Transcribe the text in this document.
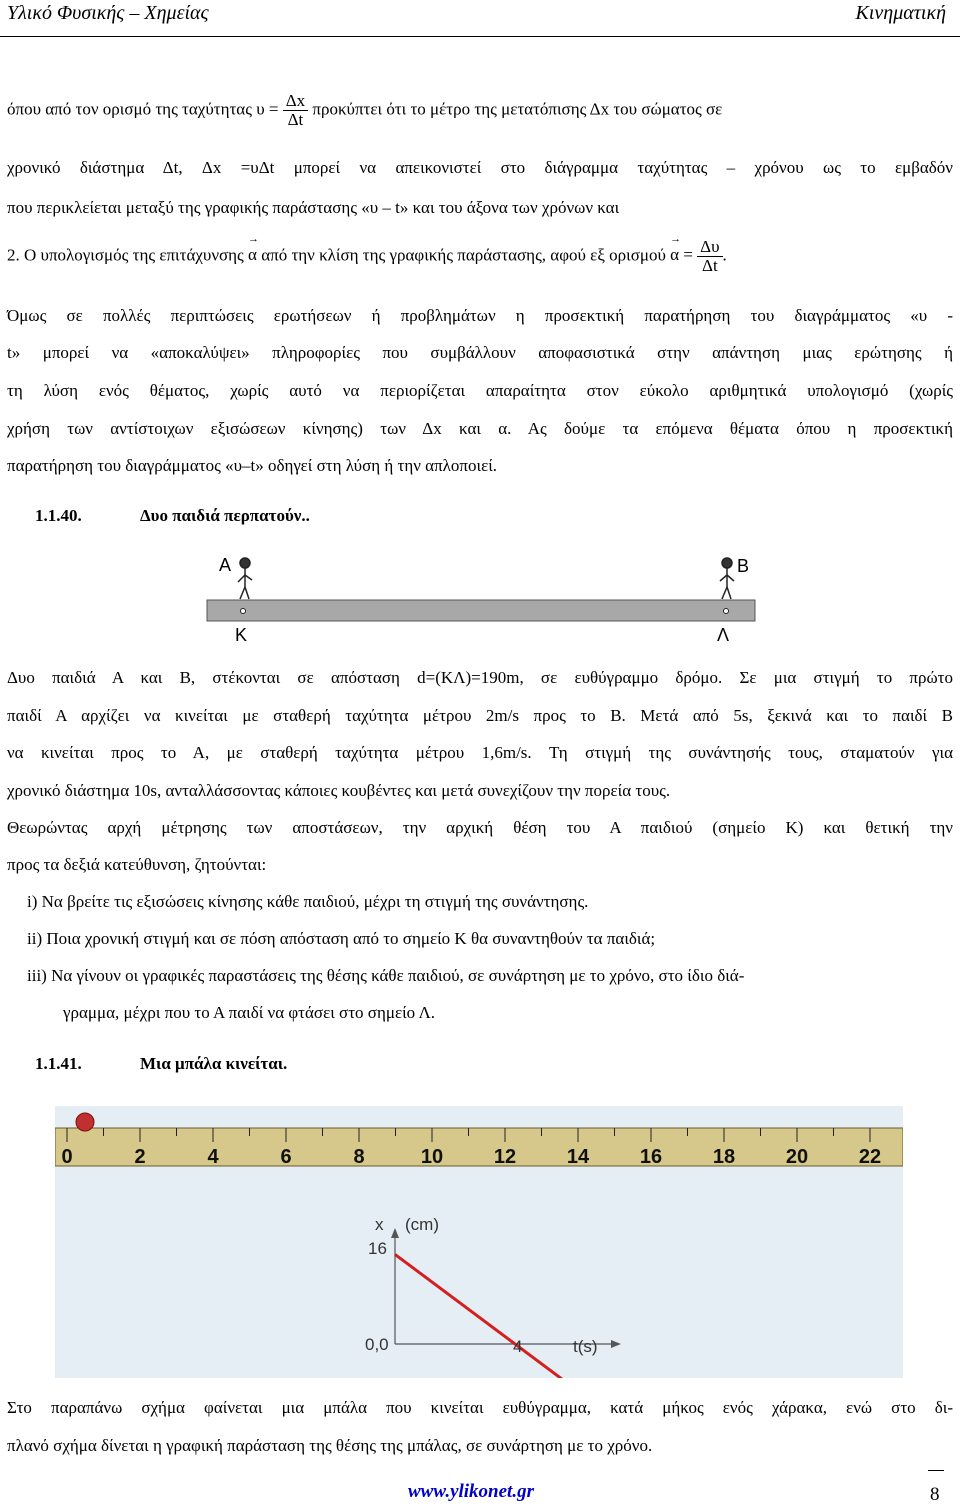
Υλικό Φυσικής – Χημείας	Κινηματική
όπου από τον ορισμό της ταχύτητας $\upsilon = \frac{\Delta x}{\Delta t}$ προκύπτει ότι το μέτρο της μετατόπισης Δx του σώματος σε
χρονικό διάστημα Δt, Δx =υΔt μπορεί να απεικονιστεί στο διάγραμμα ταχύτητας – χρόνου ως το εμβαδόν
που περικλείεται μεταξύ της γραφικής παράστασης «υ – t» και του άξονα των χρόνων και
2. Ο υπολογισμός της επιτάχυνσης → α από την κλίση της γραφικής παράστασης, αφού εξ $o\rho\iota\sigma\mu oύ \to \alpha = \frac{\Delta\upsilon}{\Delta t}$ .
Όμως σε πολλές περιπτώσεις ερωτήσεων ή προβλημάτων η προσεκτική παρατήρηση του διαγράμματος «υ -
t» μπορεί να «αποκαλύψει» πληροφορίες που συμβάλλουν αποφασιστικά στην απάντηση μιας ερώτησης ή
τη λύση ενός θέματος, χωρίς αυτό να περιορίζεται απαραίτητα στον εύκολο αριθμητικά υπολογισμό (χωρίς
χρήση των αντίστοιχων εξισώσεων κίνησης) των Δx και α. Ας δούμε τα επόμενα θέματα όπου η προσεκτική
παρατήρηση του διαγράμματος «υ–t» οδηγεί στη λύση ή την απλοποιεί.
1.1.40.	Δυο παιδιά περπατούν..
Α	Β
Κ	Λ
Δυο παιδιά Α και Β, στέκονται σε απόσταση d=(ΚΛ)=190m, σε ευθύγραμμο δρόμο. Σε μια στιγμή το πρώτο
παιδί Α αρχίζει να κινείται με σταθερή ταχύτητα μέτρου 2m/s προς το Β. Μετά από 5s, ξεκινά και το παιδί Β
να κινείται προς το Α, με σταθερή ταχύτητα μέτρου 1,6m/s. Τη στιγμή της συνάντησής τους, σταματούν για
χρονικό διάστημα 10s, ανταλλάσσοντας κάποιες κουβέντες και μετά συνεχίζουν την πορεία τους.
Θεωρώντας αρχή μέτρησης των αποστάσεων, την αρχική θέση του Α παιδιού (σημείο Κ) και θετική την
προς τα δεξιά κατεύθυνση, ζητούνται:
i) Να βρείτε τις εξισώσεις κίνησης κάθε παιδιού, μέχρι τη στιγμή της συνάντησης.
ii) Ποια χρονική στιγμή και σε πόση απόσταση από το σημείο Κ θα συναντηθούν τα παιδιά;
iii) Να γίνουν οι γραφικές παραστάσεις της θέσης κάθε παιδιού, σε συνάρτηση με το χρόνο, στο ίδιο διά-
γραμμα, μέχρι που το Α παιδί να φτάσει στο σημείο Λ.
1.1.41.	Μια μπάλα κινείται.
0	2	4	6	8	10	12	14	16	18	20	22
x (cm)
16
0,0	4	t(s)
Στο παραπάνω σχήμα φαίνεται μια μπάλα που κινείται ευθύγραμμα, κατά μήκος ενός χάρακα, ενώ στο δι-
πλανό σχήμα δίνεται η γραφική παράσταση της θέσης της μπάλας, σε συνάρτηση με το χρόνο.
www.ylikonet.gr	8
